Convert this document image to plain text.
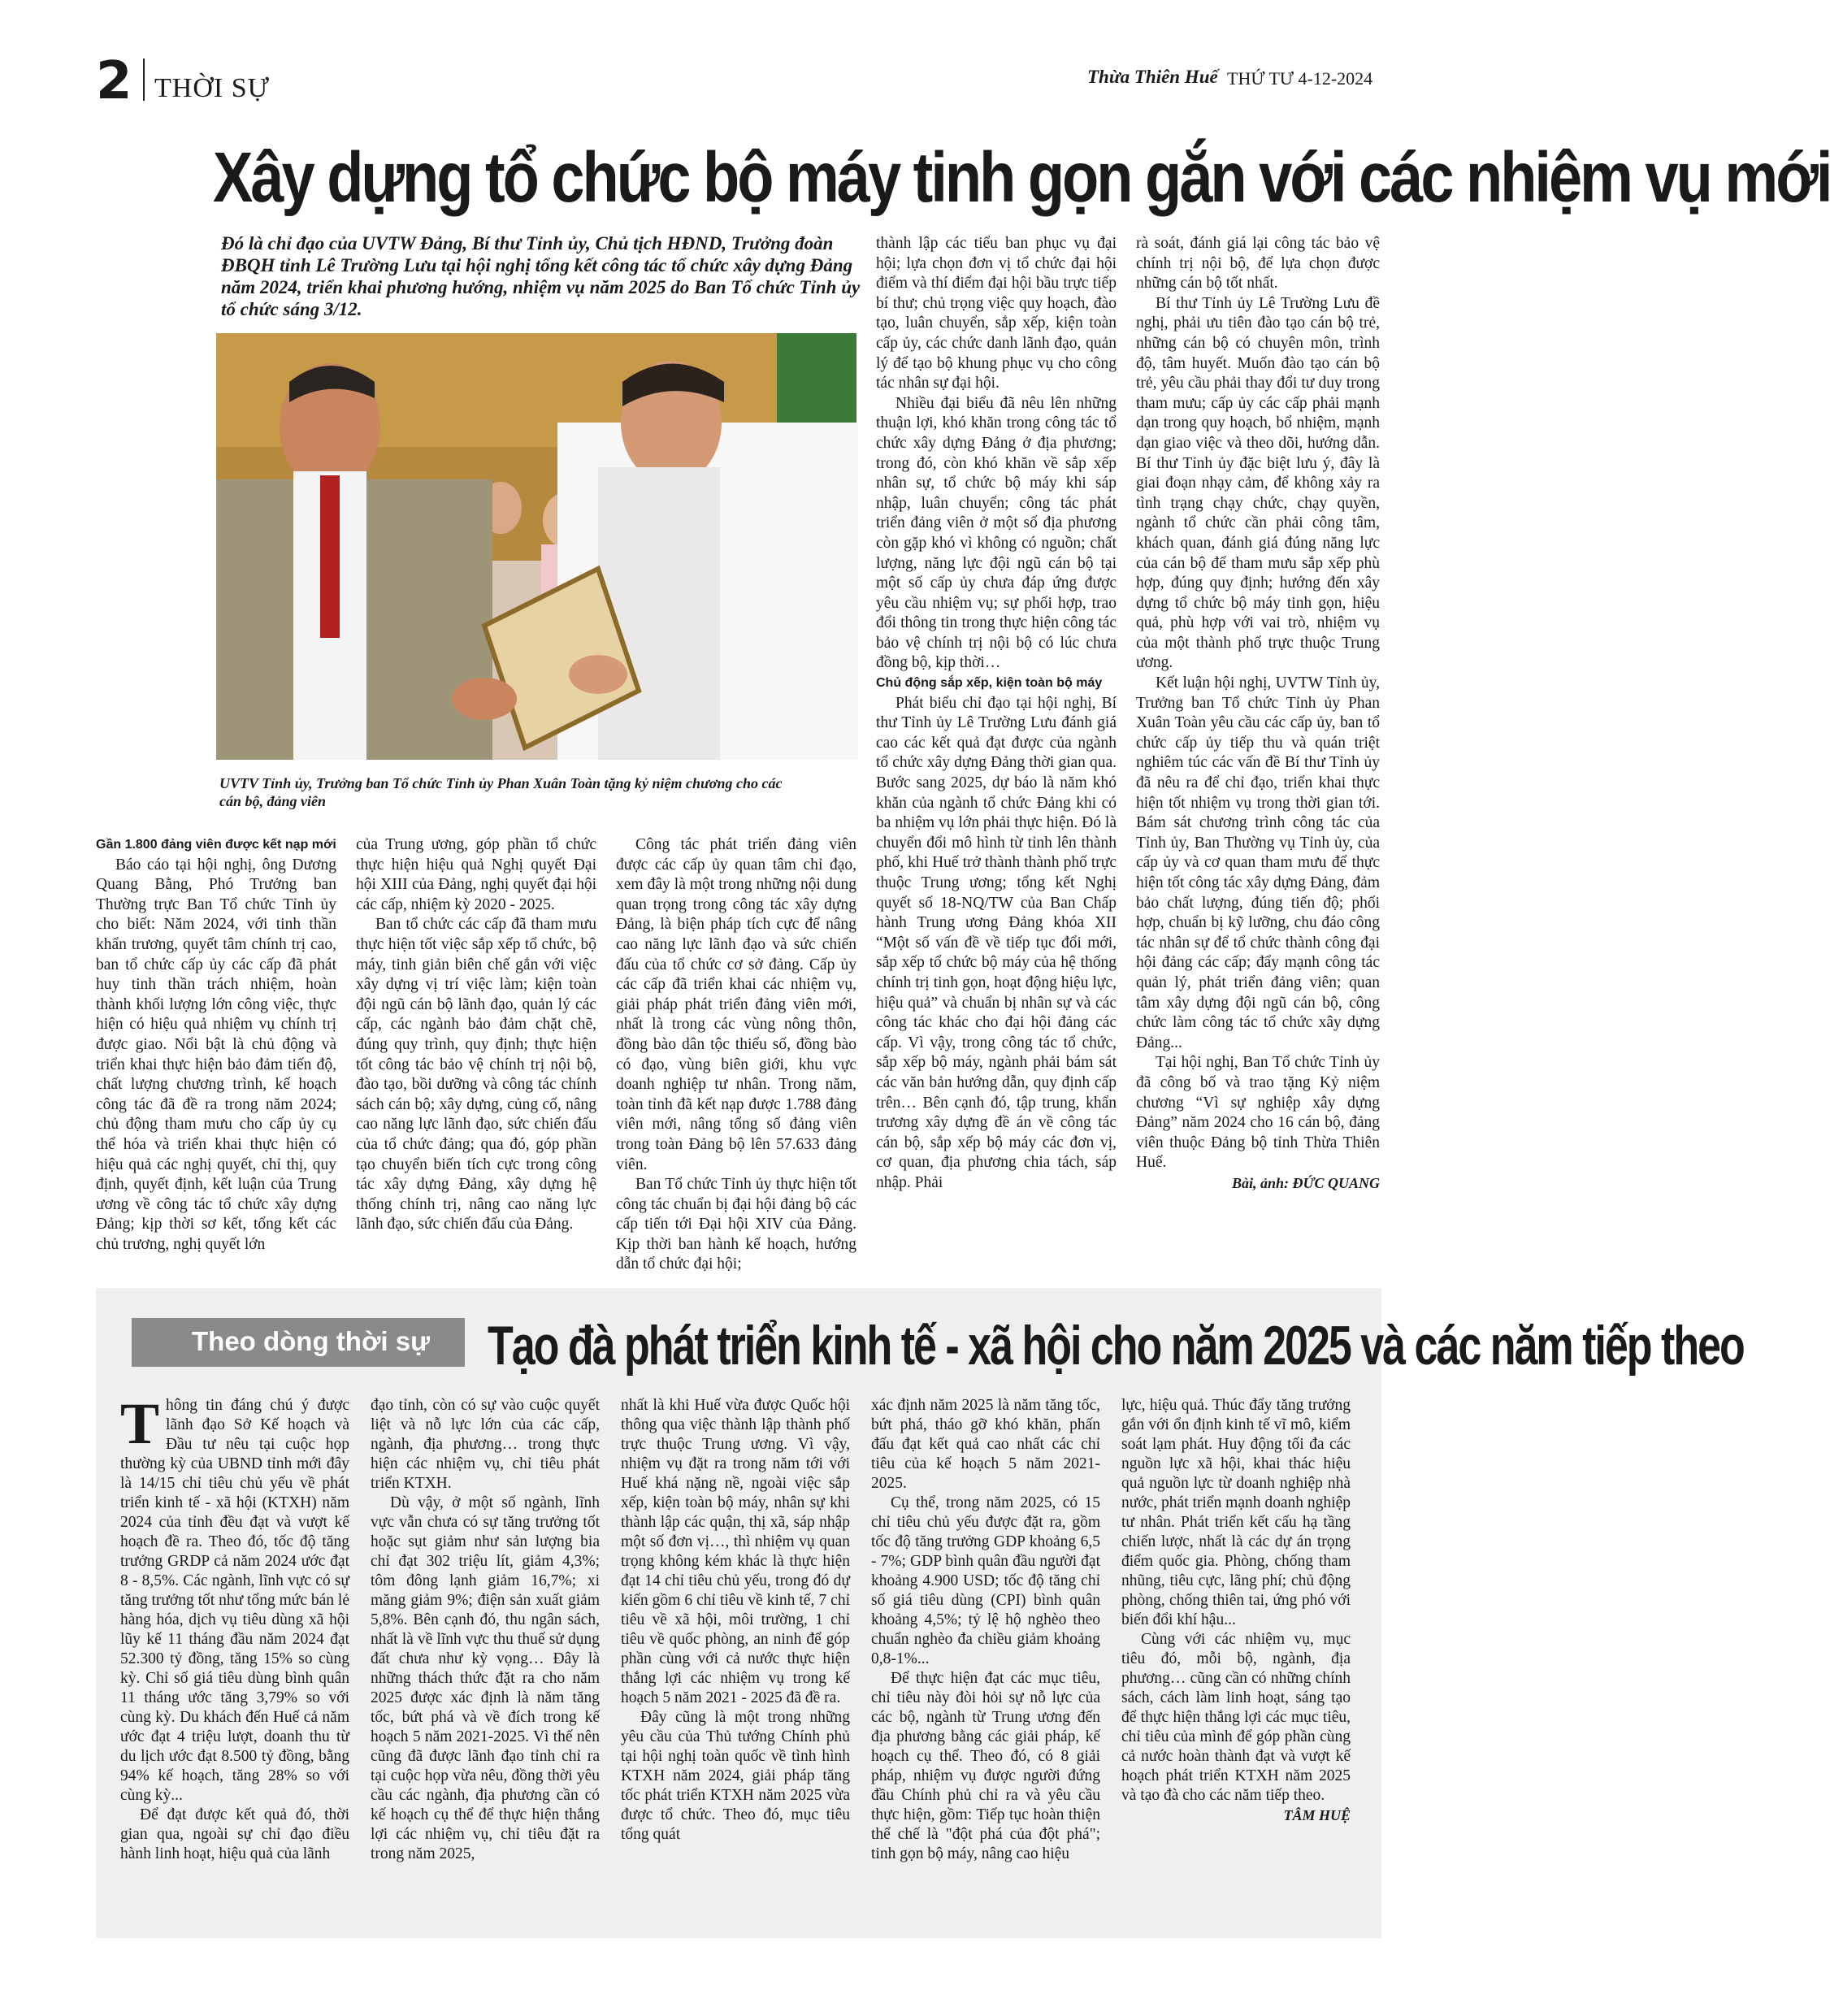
2 THỜI SỰ	Thừa Thiên Huế THỨ TƯ 4-12-2024
Xây dựng tổ chức bộ máy tinh gọn gắn với các nhiệm vụ mới
Đó là chỉ đạo của UVTW Đảng, Bí thư Tỉnh ủy, Chủ tịch HĐND, Trưởng đoàn ĐBQH tỉnh Lê Trường Lưu tại hội nghị tổng kết công tác tổ chức xây dựng Đảng năm 2024, triển khai phương hướng, nhiệm vụ năm 2025 do Ban Tổ chức Tỉnh ủy tổ chức sáng 3/12.
UVTV Tỉnh ủy, Trưởng ban Tổ chức Tỉnh ủy Phan Xuân Toàn tặng kỷ niệm chương cho các cán bộ, đảng viên

Gần 1.800 đảng viên được kết nạp mới

Báo cáo tại hội nghị, ông Dương Quang Bằng, Phó Trưởng ban Thường trực Ban Tổ chức Tỉnh ủy cho biết: Năm 2024, với tinh thần khẩn trương, quyết tâm chính trị cao, ban tổ chức cấp ủy các cấp đã phát huy tinh thần trách nhiệm, hoàn thành khối lượng lớn công việc, thực hiện có hiệu quả nhiệm vụ chính trị được giao. Nổi bật là chủ động và triển khai thực hiện bảo đảm tiến độ, chất lượng chương trình, kế hoạch công tác đã đề ra trong năm 2024; chủ động tham mưu cho cấp ủy cụ thể hóa và triển khai thực hiện có hiệu quả các nghị quyết, chỉ thị, quy định, quyết định, kết luận của Trung ương về công tác tổ chức xây dựng Đảng; kịp thời sơ kết, tổng kết các chủ trương, nghị quyết lớn

của Trung ương, góp phần tổ chức thực hiện hiệu quả Nghị quyết Đại hội XIII của Đảng, nghị quyết đại hội các cấp, nhiệm kỳ 2020 - 2025.

Ban tổ chức các cấp đã tham mưu thực hiện tốt việc sắp xếp tổ chức, bộ máy, tinh giản biên chế gắn với việc xây dựng vị trí việc làm; kiện toàn đội ngũ cán bộ lãnh đạo, quản lý các cấp, các ngành bảo đảm chặt chẽ, đúng quy trình, quy định; thực hiện tốt công tác bảo vệ chính trị nội bộ, đào tạo, bồi dưỡng và công tác chính sách cán bộ; xây dựng, củng cố, nâng cao năng lực lãnh đạo, sức chiến đấu của tổ chức đảng; qua đó, góp phần tạo chuyển biến tích cực trong công tác xây dựng Đảng, xây dựng hệ thống chính trị, nâng cao năng lực lãnh đạo, sức chiến đấu của Đảng.

Công tác phát triển đảng viên được các cấp ủy quan tâm chỉ đạo, xem đây là một trong những nội dung quan trọng trong công tác xây dựng Đảng, là biện pháp tích cực để nâng cao năng lực lãnh đạo và sức chiến đấu của tổ chức cơ sở đảng. Cấp ủy các cấp đã triển khai các nhiệm vụ, giải pháp phát triển đảng viên mới, nhất là trong các vùng nông thôn, đồng bào dân tộc thiểu số, đồng bào có đạo, vùng biên giới, khu vực doanh nghiệp tư nhân. Trong năm, toàn tỉnh đã kết nạp được 1.788 đảng viên mới, nâng tổng số đảng viên trong toàn Đảng bộ lên 57.633 đảng viên.

Ban Tổ chức Tỉnh ủy thực hiện tốt công tác chuẩn bị đại hội đảng bộ các cấp tiến tới Đại hội XIV của Đảng. Kịp thời ban hành kế hoạch, hướng dẫn tổ chức đại hội;

thành lập các tiểu ban phục vụ đại hội; lựa chọn đơn vị tổ chức đại hội điểm và thí điểm đại hội bầu trực tiếp bí thư; chủ trọng việc quy hoạch, đào tạo, luân chuyển, sắp xếp, kiện toàn cấp ủy, các chức danh lãnh đạo, quản lý để tạo bộ khung phục vụ cho công tác nhân sự đại hội.

Nhiều đại biểu đã nêu lên những thuận lợi, khó khăn trong công tác tổ chức xây dựng Đảng ở địa phương; trong đó, còn khó khăn về sắp xếp nhân sự, tổ chức bộ máy khi sáp nhập, luân chuyển; công tác phát triển đảng viên ở một số địa phương còn gặp khó vì không có nguồn; chất lượng, năng lực đội ngũ cán bộ tại một số cấp ủy chưa đáp ứng được yêu cầu nhiệm vụ; sự phối hợp, trao đổi thông tin trong thực hiện công tác bảo vệ chính trị nội bộ có lúc chưa đồng bộ, kịp thời…

Chủ động sắp xếp, kiện toàn bộ máy

Phát biểu chỉ đạo tại hội nghị, Bí thư Tỉnh ủy Lê Trường Lưu đánh giá cao các kết quả đạt được của ngành tổ chức xây dựng Đảng thời gian qua. Bước sang 2025, dự báo là năm khó khăn của ngành tổ chức Đảng khi có ba nhiệm vụ lớn phải thực hiện. Đó là chuyển đổi mô hình từ tỉnh lên thành phố, khi Huế trở thành thành phố trực thuộc Trung ương; tổng kết Nghị quyết số 18-NQ/TW của Ban Chấp hành Trung ương Đảng khóa XII “Một số vấn đề về tiếp tục đổi mới, sắp xếp tổ chức bộ máy của hệ thống chính trị tinh gọn, hoạt động hiệu lực, hiệu quả” và chuẩn bị nhân sự và các công tác khác cho đại hội đảng các cấp. Vì vậy, trong công tác tổ chức, sắp xếp bộ máy, ngành phải bám sát các văn bản hướng dẫn, quy định cấp trên… Bên cạnh đó, tập trung, khẩn trương xây dựng đề án về công tác cán bộ, sắp xếp bộ máy các đơn vị, cơ quan, địa phương chia tách, sáp nhập. Phải

rà soát, đánh giá lại công tác bảo vệ chính trị nội bộ, để lựa chọn được những cán bộ tốt nhất.

Bí thư Tỉnh ủy Lê Trường Lưu đề nghị, phải ưu tiên đào tạo cán bộ trẻ, những cán bộ có chuyên môn, trình độ, tâm huyết. Muốn đào tạo cán bộ trẻ, yêu cầu phải thay đổi tư duy trong tham mưu; cấp ủy các cấp phải mạnh dạn trong quy hoạch, bổ nhiệm, mạnh dạn giao việc và theo dõi, hướng dẫn. Bí thư Tỉnh ủy đặc biệt lưu ý, đây là giai đoạn nhạy cảm, để không xảy ra tình trạng chạy chức, chạy quyền, ngành tổ chức cần phải công tâm, khách quan, đánh giá đúng năng lực của cán bộ để tham mưu sắp xếp phù hợp, đúng quy định; hướng đến xây dựng tổ chức bộ máy tinh gọn, hiệu quả, phù hợp với vai trò, nhiệm vụ của một thành phố trực thuộc Trung ương.

Kết luận hội nghị, UVTW Tỉnh ủy, Trưởng ban Tổ chức Tỉnh ủy Phan Xuân Toàn yêu cầu các cấp ủy, ban tổ chức cấp ủy tiếp thu và quán triệt nghiêm túc các vấn đề Bí thư Tỉnh ủy đã nêu ra để chỉ đạo, triển khai thực hiện tốt nhiệm vụ trong thời gian tới. Bám sát chương trình công tác của Tỉnh ủy, Ban Thường vụ Tỉnh ủy, của cấp ủy và cơ quan tham mưu để thực hiện tốt công tác xây dựng Đảng, đảm bảo chất lượng, đúng tiến độ; phối hợp, chuẩn bị kỹ lưỡng, chu đáo công tác nhân sự để tổ chức thành công đại hội đảng các cấp; đẩy mạnh công tác quản lý, phát triển đảng viên; quan tâm xây dựng đội ngũ cán bộ, công chức làm công tác tổ chức xây dựng Đảng...

Tại hội nghị, Ban Tổ chức Tỉnh ủy đã công bố và trao tặng Kỷ niệm chương “Vì sự nghiệp xây dựng Đảng” năm 2024 cho 16 cán bộ, đảng viên thuộc Đảng bộ tỉnh Thừa Thiên Huế.

Bài, ảnh: ĐỨC QUANG

Theo dòng thời sự Tạo đà phát triển kinh tế - xã hội cho năm 2025 và các năm tiếp theo

Thông tin đáng chú ý được lãnh đạo Sở Kế hoạch và Đầu tư nêu tại cuộc họp thường kỳ của UBND tỉnh mới đây là 14/15 chỉ tiêu chủ yếu về phát triển kinh tế - xã hội (KTXH) năm 2024 của tỉnh đều đạt và vượt kế hoạch đề ra. Theo đó, tốc độ tăng trưởng GRDP cả năm 2024 ước đạt 8 - 8,5%. Các ngành, lĩnh vực có sự tăng trưởng tốt như tổng mức bán lẻ hàng hóa, dịch vụ tiêu dùng xã hội lũy kế 11 tháng đầu năm 2024 đạt 52.300 tỷ đồng, tăng 15% so cùng kỳ. Chỉ số giá tiêu dùng bình quân 11 tháng ước tăng 3,79% so với cùng kỳ. Du khách đến Huế cả năm ước đạt 4 triệu lượt, doanh thu từ du lịch ước đạt 8.500 tỷ đồng, bằng 94% kế hoạch, tăng 28% so với cùng kỳ...

Để đạt được kết quả đó, thời gian qua, ngoài sự chỉ đạo điều hành linh hoạt, hiệu quả của lãnh

đạo tỉnh, còn có sự vào cuộc quyết liệt và nỗ lực lớn của các cấp, ngành, địa phương… trong thực hiện các nhiệm vụ, chỉ tiêu phát triển KTXH.

Dù vậy, ở một số ngành, lĩnh vực vẫn chưa có sự tăng trưởng tốt hoặc sụt giảm như sản lượng bia chỉ đạt 302 triệu lít, giảm 4,3%; tôm đông lạnh giảm 16,7%; xi măng giảm 9%; điện sản xuất giảm 5,8%. Bên cạnh đó, thu ngân sách, nhất là về lĩnh vực thu thuế sử dụng đất chưa như kỳ vọng… Đây là những thách thức đặt ra cho năm 2025 được xác định là năm tăng tốc, bứt phá và về đích trong kế hoạch 5 năm 2021-2025. Vì thế nên cũng đã được lãnh đạo tỉnh chỉ ra tại cuộc họp vừa nêu, đồng thời yêu cầu các ngành, địa phương cần có kế hoạch cụ thể để thực hiện thắng lợi các nhiệm vụ, chỉ tiêu đặt ra trong năm 2025,

nhất là khi Huế vừa được Quốc hội thông qua việc thành lập thành phố trực thuộc Trung ương. Vì vậy, nhiệm vụ đặt ra trong năm tới với Huế khá nặng nề, ngoài việc sắp xếp, kiện toàn bộ máy, nhân sự khi thành lập các quận, thị xã, sáp nhập một số đơn vị…, thì nhiệm vụ quan trọng không kém khác là thực hiện đạt 14 chỉ tiêu chủ yếu, trong đó dự kiến gồm 6 chỉ tiêu về kinh tế, 7 chỉ tiêu về xã hội, môi trường, 1 chỉ tiêu về quốc phòng, an ninh để góp phần cùng với cả nước thực hiện thắng lợi các nhiệm vụ trong kế hoạch 5 năm 2021 - 2025 đã đề ra.

Đây cũng là một trong những yêu cầu của Thủ tướng Chính phủ tại hội nghị toàn quốc về tình hình KTXH năm 2024, giải pháp tăng tốc phát triển KTXH năm 2025 vừa được tổ chức. Theo đó, mục tiêu tổng quát

xác định năm 2025 là năm tăng tốc, bứt phá, tháo gỡ khó khăn, phấn đấu đạt kết quả cao nhất các chỉ tiêu của kế hoạch 5 năm 2021-2025.

Cụ thể, trong năm 2025, có 15 chỉ tiêu chủ yếu được đặt ra, gồm tốc độ tăng trưởng GDP khoảng 6,5 - 7%; GDP bình quân đầu người đạt khoảng 4.900 USD; tốc độ tăng chỉ số giá tiêu dùng (CPI) bình quân khoảng 4,5%; tỷ lệ hộ nghèo theo chuẩn nghèo đa chiều giảm khoảng 0,8-1%...

Để thực hiện đạt các mục tiêu, chỉ tiêu này đòi hỏi sự nỗ lực của các bộ, ngành từ Trung ương đến địa phương bằng các giải pháp, kế hoạch cụ thể. Theo đó, có 8 giải pháp, nhiệm vụ được người đứng đầu Chính phủ chỉ ra và yêu cầu thực hiện, gồm: Tiếp tục hoàn thiện thể chế là "đột phá của đột phá"; tinh gọn bộ máy, nâng cao hiệu

lực, hiệu quả. Thúc đẩy tăng trưởng gắn với ổn định kinh tế vĩ mô, kiểm soát lạm phát. Huy động tối đa các nguồn lực xã hội, khai thác hiệu quả nguồn lực từ doanh nghiệp nhà nước, phát triển mạnh doanh nghiệp tư nhân. Phát triển kết cấu hạ tầng chiến lược, nhất là các dự án trọng điểm quốc gia. Phòng, chống tham nhũng, tiêu cực, lãng phí; chủ động phòng, chống thiên tai, ứng phó với biến đổi khí hậu...

Cùng với các nhiệm vụ, mục tiêu đó, mỗi bộ, ngành, địa phương… cũng cần có những chính sách, cách làm linh hoạt, sáng tạo để thực hiện thắng lợi các mục tiêu, chỉ tiêu của mình để góp phần cùng cả nước hoàn thành đạt và vượt kế hoạch phát triển KTXH năm 2025 và tạo đà cho các năm tiếp theo.

TÂM HUỆ
